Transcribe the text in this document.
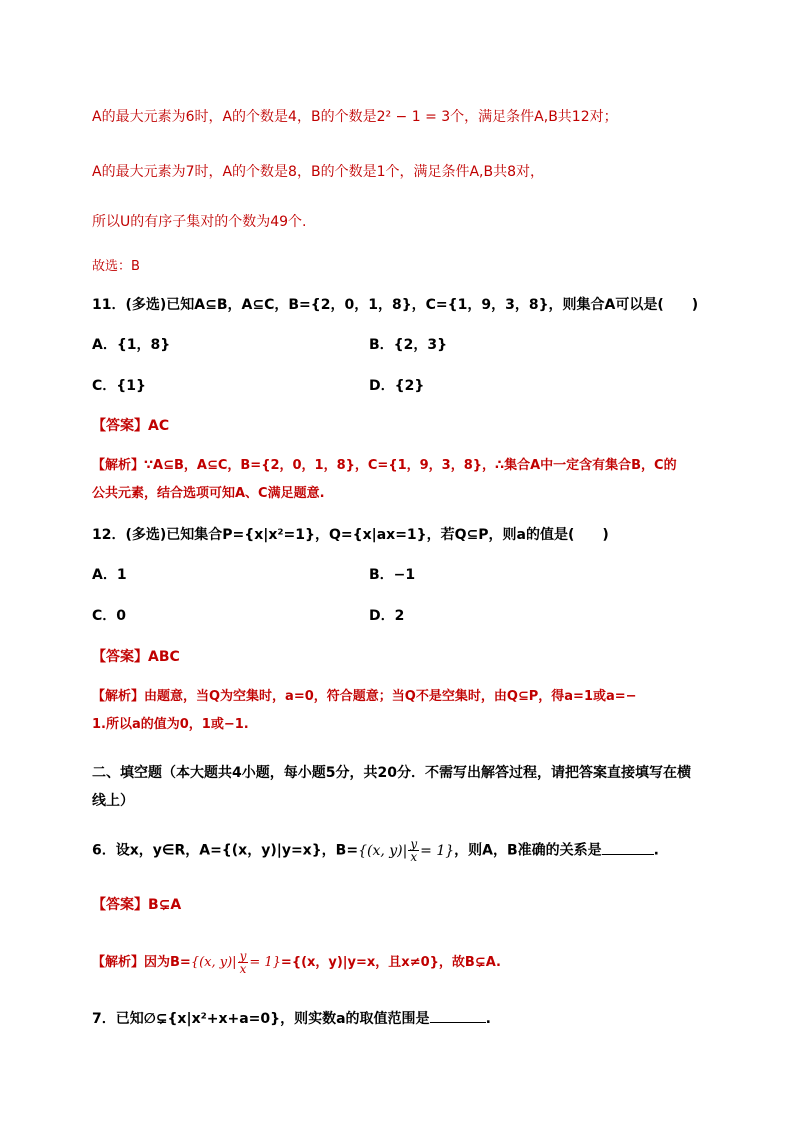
A的最大元素为6时，A的个数是4，B的个数是2² − 1 = 3个，满足条件A,B共12对；
A的最大元素为7时，A的个数是8，B的个数是1个，满足条件A,B共8对，
所以U的有序子集对的个数为49个.
故选：B
11．(多选)已知A⊆B，A⊆C，B={2，0，1，8}，C={1，9，3，8}，则集合A可以是(　　)
A．{1，8}	B．{2，3}
C．{1}	D．{2}
【答案】AC
【解析】∵A⊆B，A⊆C，B={2，0，1，8}，C={1，9，3，8}，∴集合A中一定含有集合B，C的
公共元素，结合选项可知A、C满足题意.
12．(多选)已知集合P={x|x²=1}，Q={x|ax=1}，若Q⊆P，则a的值是(　　)
A．1	B．−1
C．0	D．2
【答案】ABC
【解析】由题意，当Q为空集时，a=0，符合题意；当Q不是空集时，由Q⊆P，得a=1或a=−
1.所以a的值为0，1或−1.
二、填空题（本大题共4小题，每小题5分，共20分．不需写出解答过程，请把答案直接填写在横
线上）
6．设x，y∈R，A={(x，y)|y=x}，B={(x, $y)| \frac{y}{x} = 1$}，则A，B准确的关系是	.
【答案】B⊊A
【解析】因为B={(x, $y)| \frac{y}{x} = 1\}=\{(x$，y)|y=x，且x≠0}，故B⊊A.
7．已知∅⊊{x|x²+x+a=0}，则实数a的取值范围是	.
